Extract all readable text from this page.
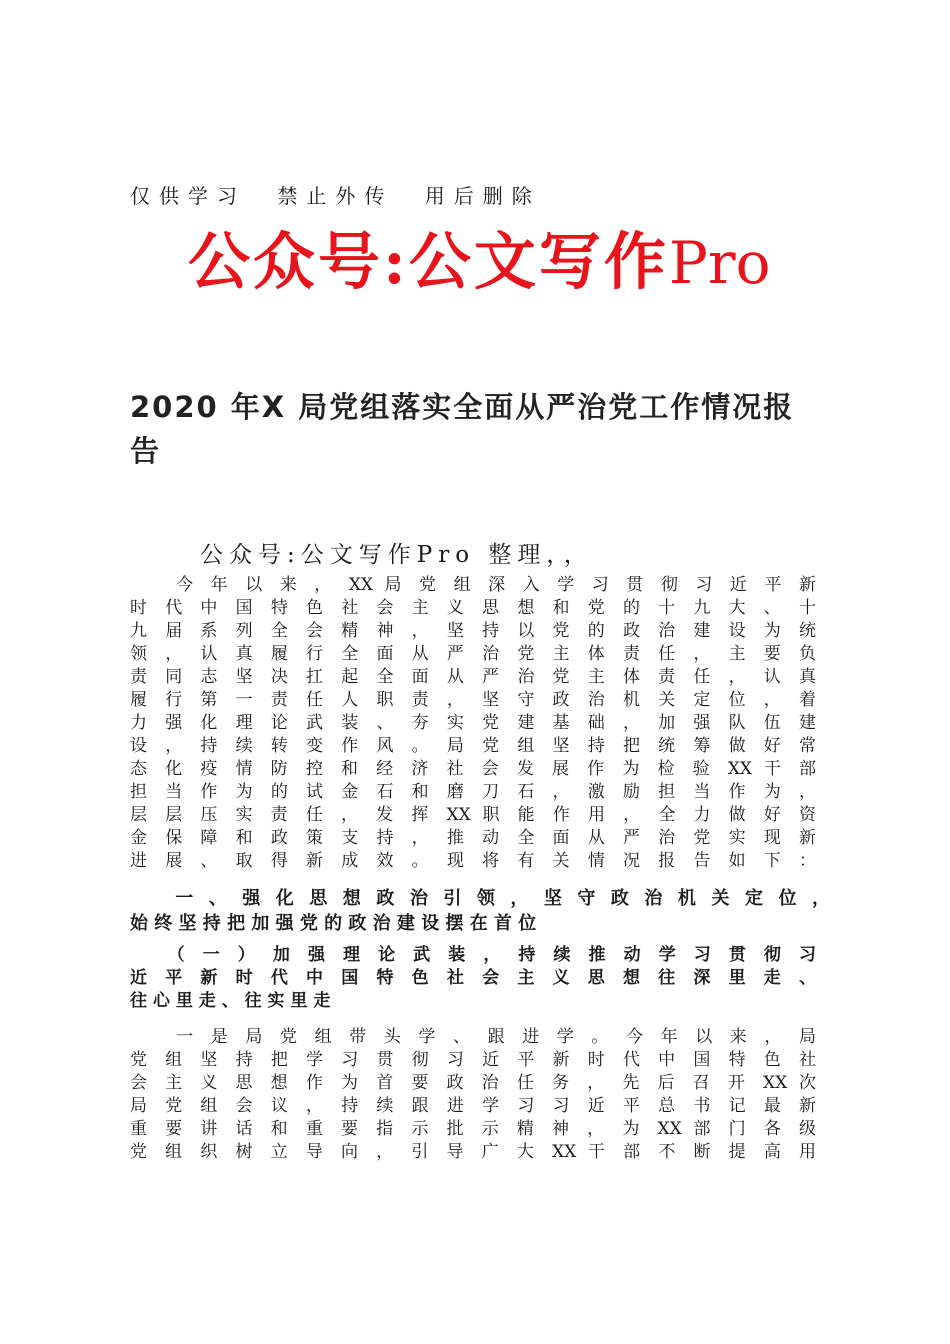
仅供学习 禁止外传 用后删除
公众号:公文写作Pro
2020 年X 局党组落实全面从严治党工作情况报
告
公众号:公文写作Pro 整理，，
　　今 年 以 来 ， XX 局 党 组 深 入 学 习 贯 彻 习 近 平 新
时 代 中 国 特 色 社 会 主 义 思 想 和 党 的 十 九 大 、 十
九 届 系 列 全 会 精 神 ， 坚 持 以 党 的 政 治 建 设 为 统
领 ， 认 真 履 行 全 面 从 严 治 党 主 体 责 任 ， 主 要 负
责 同 志 坚 决 扛 起 全 面 从 严 治 党 主 体 责 任 ， 认 真
履 行 第 一 责 任 人 职 责 ， 坚 守 政 治 机 关 定 位 ， 着
力 强 化 理 论 武 装 、 夯 实 党 建 基 础 ， 加 强 队 伍 建
设 ， 持 续 转 变 作 风 。 局 党 组 坚 持 把 统 筹 做 好 常
态 化 疫 情 防 控 和 经 济 社 会 发 展 作 为 检 验 XX 干 部
担 当 作 为 的 试 金 石 和 磨 刀 石 ， 激 励 担 当 作 为 ，
层 层 压 实 责 任 ， 发 挥 XX 职 能 作 用 ， 全 力 做 好 资
金 保 障 和 政 策 支 持 ， 推 动 全 面 从 严 治 党 实 现 新
进 展 、 取 得 新 成 效 。 现 将 有 关 情 况 报 告 如 下 ：
　　一 、 强 化 思 想 政 治 引 领 ， 坚 守 政 治 机 关 定 位 ，
始 终 坚 持 把 加 强 党 的 政 治 建 设 摆 在 首 位
　　（ 一 ） 加 强 理 论 武 装 ， 持 续 推 动 学 习 贯 彻 习
近 平 新 时 代 中 国 特 色 社 会 主 义 思 想 往 深 里 走 、
往 心 里 走 、 往 实 里 走
　　一 是 局 党 组 带 头 学 、 跟 进 学 。 今 年 以 来 ， 局
党 组 坚 持 把 学 习 贯 彻 习 近 平 新 时 代 中 国 特 色 社
会 主 义 思 想 作 为 首 要 政 治 任 务 ， 先 后 召 开 XX 次
局 党 组 会 议 ， 持 续 跟 进 学 习 习 近 平 总 书 记 最 新
重 要 讲 话 和 重 要 指 示 批 示 精 神 ， 为 XX 部 门 各 级
党 组 织 树 立 导 向 ， 引 导 广 大 XX 干 部 不 断 提 高 用
